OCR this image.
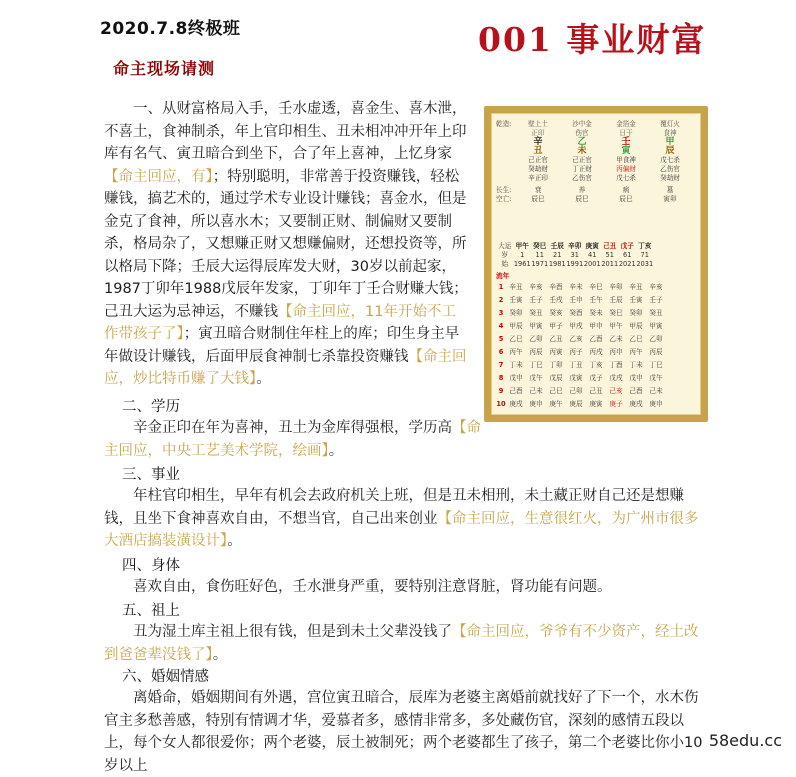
2020.7.8终极班
命主现场请测
001 事业财富
一、从财富格局入手，壬水虚透，喜金生、喜木泄，不喜土，食神制杀，年上官印相生、丑未相冲冲开年上印库有名气、寅丑暗合到坐下，合了年上喜神，上忆身家【命主回应，有】；特别聪明，非常善于投资赚钱，轻松赚钱，搞艺术的，通过学术专业设计赚钱；喜金水，但是金克了食神，所以喜水木；又要制正财、制偏财又要制杀，格局杂了，又想赚正财又想赚偏财，还想投资等，所以格局下降；壬辰大运得辰库发大财，30岁以前起家，1987丁卯年1988戊辰年发家，丁卯年丁壬合财赚大钱；己丑大运为忌神运，不赚钱【命主回应，11年开始不工作带孩子了】；寅丑暗合财制住年柱上的库；印生身主早年做设计赚钱，后面甲辰食神制七杀靠投资赚钱【命主回应，炒比特币赚了大钱】。
乾造:	壁上土	沙中金	金箔金	覆灯火
正印	伤官	日干	食神
辛	乙	壬	甲
丑	未	寅	辰
己正官	己正官	甲食神	戊七杀
癸劫财	丁正财	丙偏财	乙伤官
辛正印	乙伤官	戊七杀	癸劫财
长生:	衰	养	病	墓
空亡:	辰巳	辰巳	辰巳	寅卯
大运 甲午 癸巳 壬辰 辛卯 庚寅 己丑 戊子 丁亥
岁	1	11	21	31	41	51	61	71
始 1961 1971 1981 1991 2001 2011 2021 2031
流年
1 辛丑	辛亥	辛酉	辛未	辛巳	辛卯	辛丑	辛亥
2 壬寅	壬子	壬戌	壬申	壬午	壬辰	壬寅	壬子
3 癸卯	癸丑	癸亥	癸酉	癸未	癸巳	癸卯	癸丑
4 甲辰	甲寅	甲子	甲戌	甲申	甲午	甲辰	甲寅
5 乙巳	乙卯	乙丑	乙亥	乙酉	乙未	乙巳	乙卯
6 丙午	丙辰	丙寅	丙子	丙戌	丙申	丙午	丙辰
7 丁未	丁巳	丁卯	丁丑	丁亥	丁酉	丁未	丁巳
8 戊申	戊午	戊辰	戊寅	戊子	戊戌	戊申	戊午
9 己酉	己未	己巳	己卯	己丑	己亥	己酉	己未
10 庚戌	庚申	庚午	庚辰	庚寅	庚子	庚戌	庚申
二、学历
辛金正印在年为喜神，丑土为金库得强根，学历高【命主回应，中央工艺美术学院，绘画】。
三、事业
年柱官印相生，早年有机会去政府机关上班，但是丑未相刑，未土藏正财自己还是想赚钱，且坐下食神喜欢自由，不想当官，自己出来创业【命主回应，生意很红火，为广州市很多大酒店搞装潢设计】。
四、身体
喜欢自由，食伤旺好色，壬水泄身严重，要特别注意肾脏，肾功能有问题。
五、祖上
丑为湿土库主祖上很有钱，但是到未土父辈没钱了【命主回应，爷爷有不少资产，经土改到爸爸辈没钱了】。
六、婚姻情感
离婚命，婚姻期间有外遇，宫位寅丑暗合，辰库为老婆主离婚前就找好了下一个，水木伤官主多愁善感，特别有情调才华，爱慕者多，感情非常多，多处藏伤官，深刻的感情五段以上，每个女人都很爱你；两个老婆，辰土被制死；两个老婆都生了孩子，第二个老婆比你小10岁以上
58edu.cc
